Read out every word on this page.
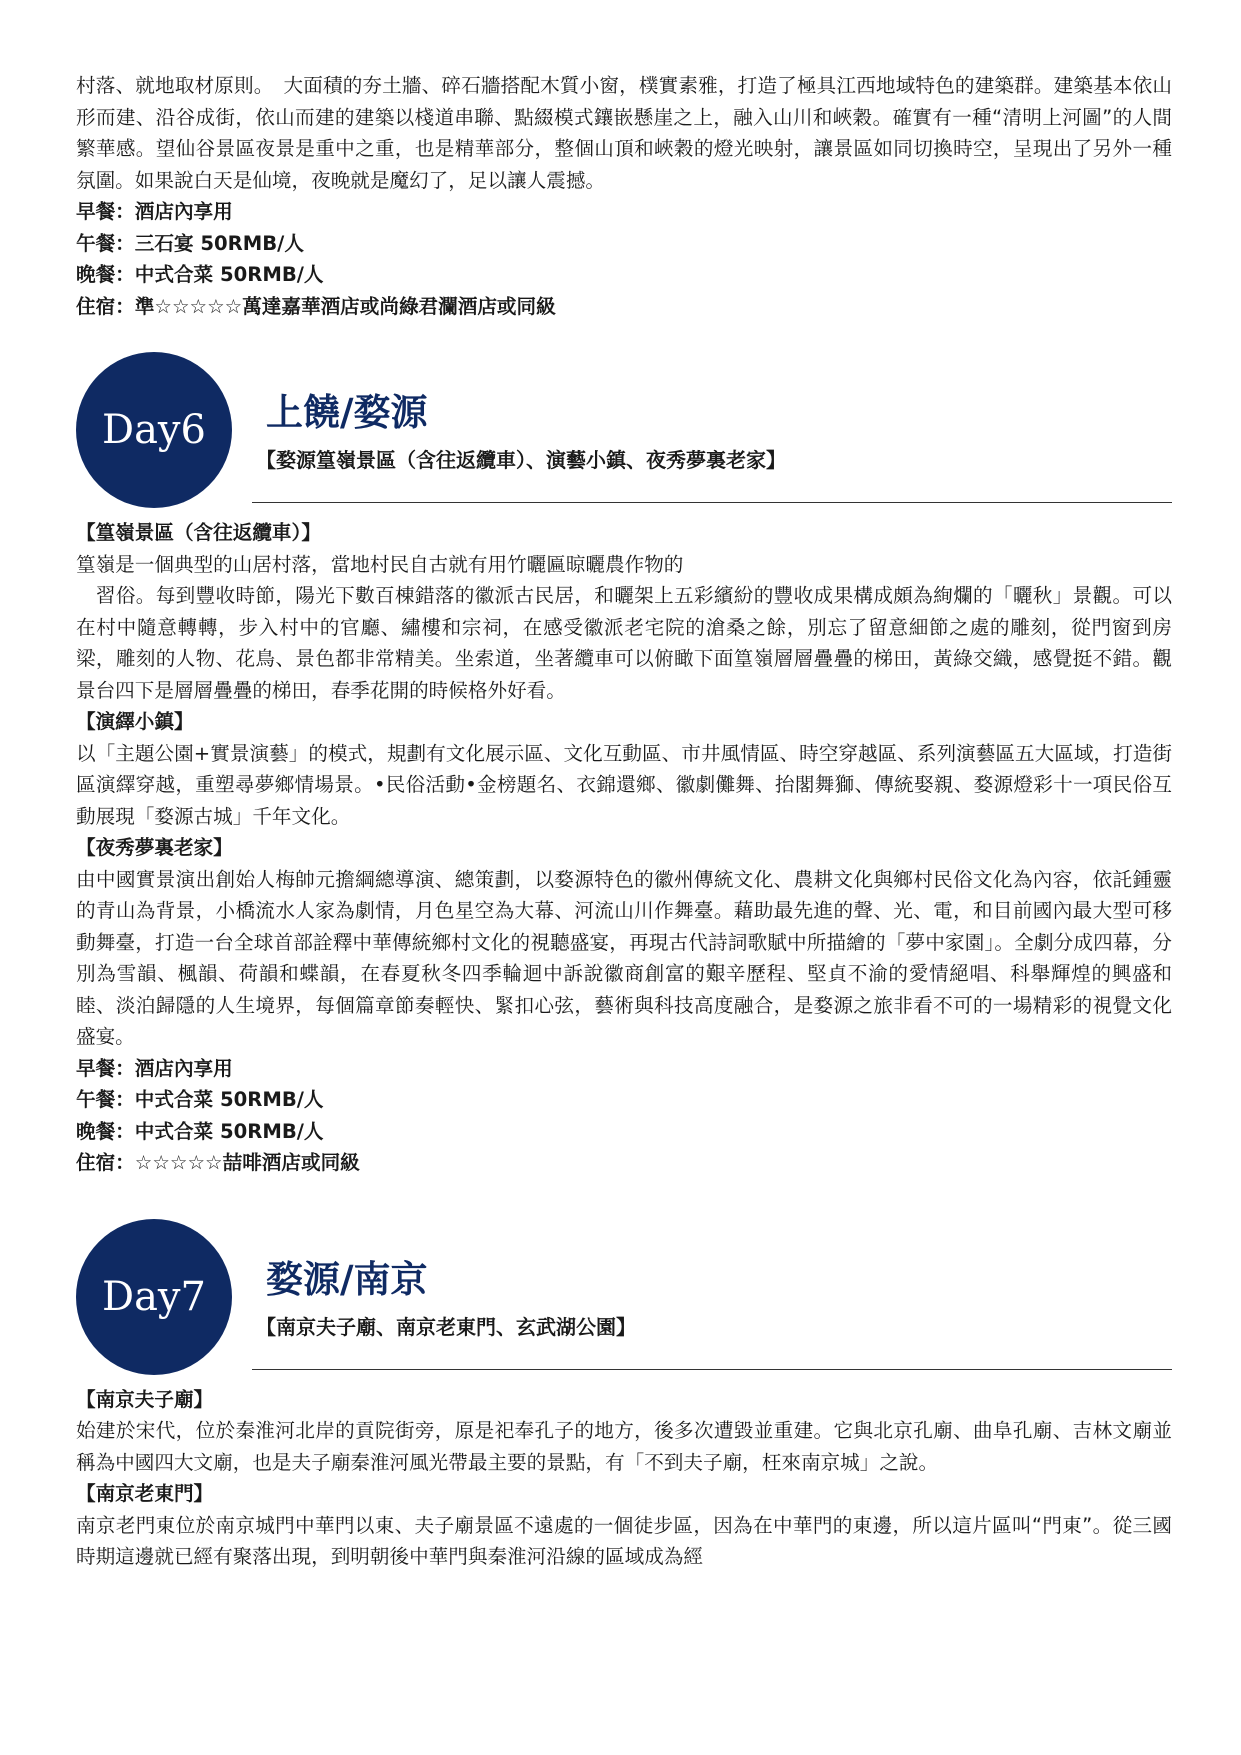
村落、就地取材原則。　大面積的夯土牆、碎石牆搭配木質小窗，樸實素雅，打造了極具江西地域特色的建築群。建築基本依山形而建、沿谷成街，依山而建的建築以棧道串聯、點綴模式鑲嵌懸崖之上，融入山川和峽穀。確實有一種“清明上河圖”的人間繁華感。望仙谷景區夜景是重中之重，也是精華部分，整個山頂和峽穀的燈光映射，讓景區如同切換時空，呈現出了另外一種氛圍。如果說白天是仙境，夜晚就是魔幻了，足以讓人震撼。

早餐：酒店內享用

午餐：三石宴 50RMB/人

晚餐：中式合菜 50RMB/人

住宿：準☆☆☆☆☆萬達嘉華酒店或尚綠君瀾酒店或同級

Day6	上饒/婺源

【婺源篁嶺景區（含往返纜車）、演藝小鎮、夜秀夢裏老家】

【篁嶺景區（含往返纜車）】

篁嶺是一個典型的山居村落，當地村民自古就有用竹曬匾晾曬農作物的
　習俗。每到豐收時節，陽光下數百棟錯落的徽派古民居，和曬架上五彩繽紛的豐收成果構成頗為絢爛的「曬秋」景觀。可以在村中隨意轉轉，步入村中的官廳、繡樓和宗祠，在感受徽派老宅院的滄桑之餘，別忘了留意細節之處的雕刻，從門窗到房梁，雕刻的人物、花鳥、景色都非常精美。坐索道，坐著纜車可以俯瞰下面篁嶺層層疊疊的梯田，黃綠交織，感覺挺不錯。觀景台四下是層層疊疊的梯田，春季花開的時候格外好看。

【演繹小鎮】

以「主題公園+實景演藝」的模式，規劃有文化展示區、文化互動區、市井風情區、時空穿越區、系列演藝區五大區域，打造街區演繹穿越，重塑尋夢鄉情場景。•民俗活動•金榜題名、衣錦還鄉、徽劇儺舞、抬閣舞獅、傳統娶親、婺源燈彩十一項民俗互動展現「婺源古城」千年文化。

【夜秀夢裏老家】

由中國實景演出創始人梅帥元擔綱總導演、總策劃，以婺源特色的徽州傳統文化、農耕文化與鄉村民俗文化為內容，依託鍾靈的青山為背景，小橋流水人家為劇情，月色星空為大幕、河流山川作舞臺。藉助最先進的聲、光、電，和目前國內最大型可移動舞臺，打造一台全球首部詮釋中華傳統鄉村文化的視聽盛宴，再現古代詩詞歌賦中所描繪的「夢中家園」。全劇分成四幕，分別為雪韻、楓韻、荷韻和蝶韻，在春夏秋冬四季輪迴中訴說徽商創富的艱辛歷程、堅貞不渝的愛情絕唱、科舉輝煌的興盛和睦、淡泊歸隱的人生境界，每個篇章節奏輕快、緊扣心弦，藝術與科技高度融合，是婺源之旅非看不可的一場精彩的視覺文化盛宴。

早餐：酒店內享用

午餐：中式合菜 50RMB/人

晚餐：中式合菜 50RMB/人

住宿：☆☆☆☆☆喆啡酒店或同級

Day7	婺源/南京

【南京夫子廟、南京老東門、玄武湖公園】

【南京夫子廟】

始建於宋代，位於秦淮河北岸的貢院街旁，原是祀奉孔子的地方，後多次遭毀並重建。它與北京孔廟、曲阜孔廟、吉林文廟並稱為中國四大文廟，也是夫子廟秦淮河風光帶最主要的景點，有「不到夫子廟，枉來南京城」之說。

【南京老東門】

南京老門東位於南京城門中華門以東、夫子廟景區不遠處的一個徒步區，因為在中華門的東邊，所以這片區叫“門東”。從三國時期這邊就已經有聚落出現，到明朝後中華門與秦淮河沿線的區域成為經
